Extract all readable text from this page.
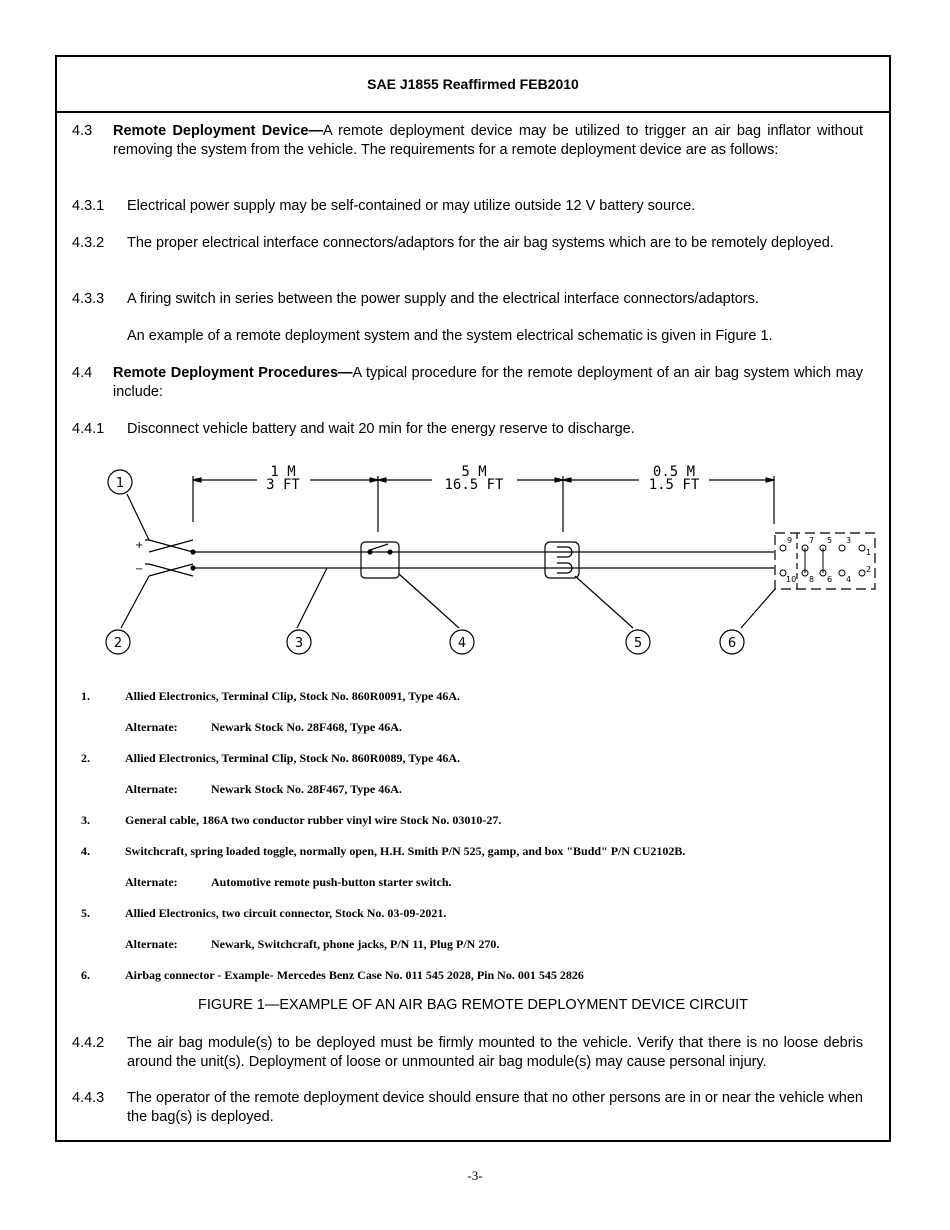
SAE J1855 Reaffirmed FEB2010
4.3 Remote Deployment Device—A remote deployment device may be utilized to trigger an air bag inflator without removing the system from the vehicle. The requirements for a remote deployment device are as follows:
4.3.1 Electrical power supply may be self-contained or may utilize outside 12 V battery source.
4.3.2 The proper electrical interface connectors/adaptors for the air bag systems which are to be remotely deployed.
4.3.3 A firing switch in series between the power supply and the electrical interface connectors/adaptors.
An example of a remote deployment system and the system electrical schematic is given in Figure 1.
4.4 Remote Deployment Procedures—A typical procedure for the remote deployment of an air bag system which may include:
4.4.1 Disconnect vehicle battery and wait 20 min for the energy reserve to discharge.
1 M
3 FT
5 M
16.5 FT
0.5 M
1.5 FT
+
−
9 7 5 3
1
10 8 6 4
2
1
2	3	4	5	6
1.	Allied Electronics, Terminal Clip, Stock No. 860R0091, Type 46A.
Alternate:	Newark Stock No. 28F468, Type 46A.
2.	Allied Electronics, Terminal Clip, Stock No. 860R0089, Type 46A.
Alternate:	Newark Stock No. 28F467, Type 46A.
3.	General cable, 186A two conductor rubber vinyl wire Stock No. 03010-27.
4.	Switchcraft, spring loaded toggle, normally open, H.H. Smith P/N 525, gamp, and box "Budd" P/N CU2102B.
Alternate:	Automotive remote push-button starter switch.
5.	Allied Electronics, two circuit connector, Stock No. 03-09-2021.
Alternate:	Newark, Switchcraft, phone jacks, P/N 11, Plug P/N 270.
6.	Airbag connector - Example- Mercedes Benz Case No. 011 545 2028, Pin No. 001 545 2826
FIGURE 1—EXAMPLE OF AN AIR BAG REMOTE DEPLOYMENT DEVICE CIRCUIT
4.4.2 The air bag module(s) to be deployed must be firmly mounted to the vehicle. Verify that there is no loose debris around the unit(s). Deployment of loose or unmounted air bag module(s) may cause personal injury.
4.4.3 The operator of the remote deployment device should ensure that no other persons are in or near the vehicle when the bag(s) is deployed.
-3-
